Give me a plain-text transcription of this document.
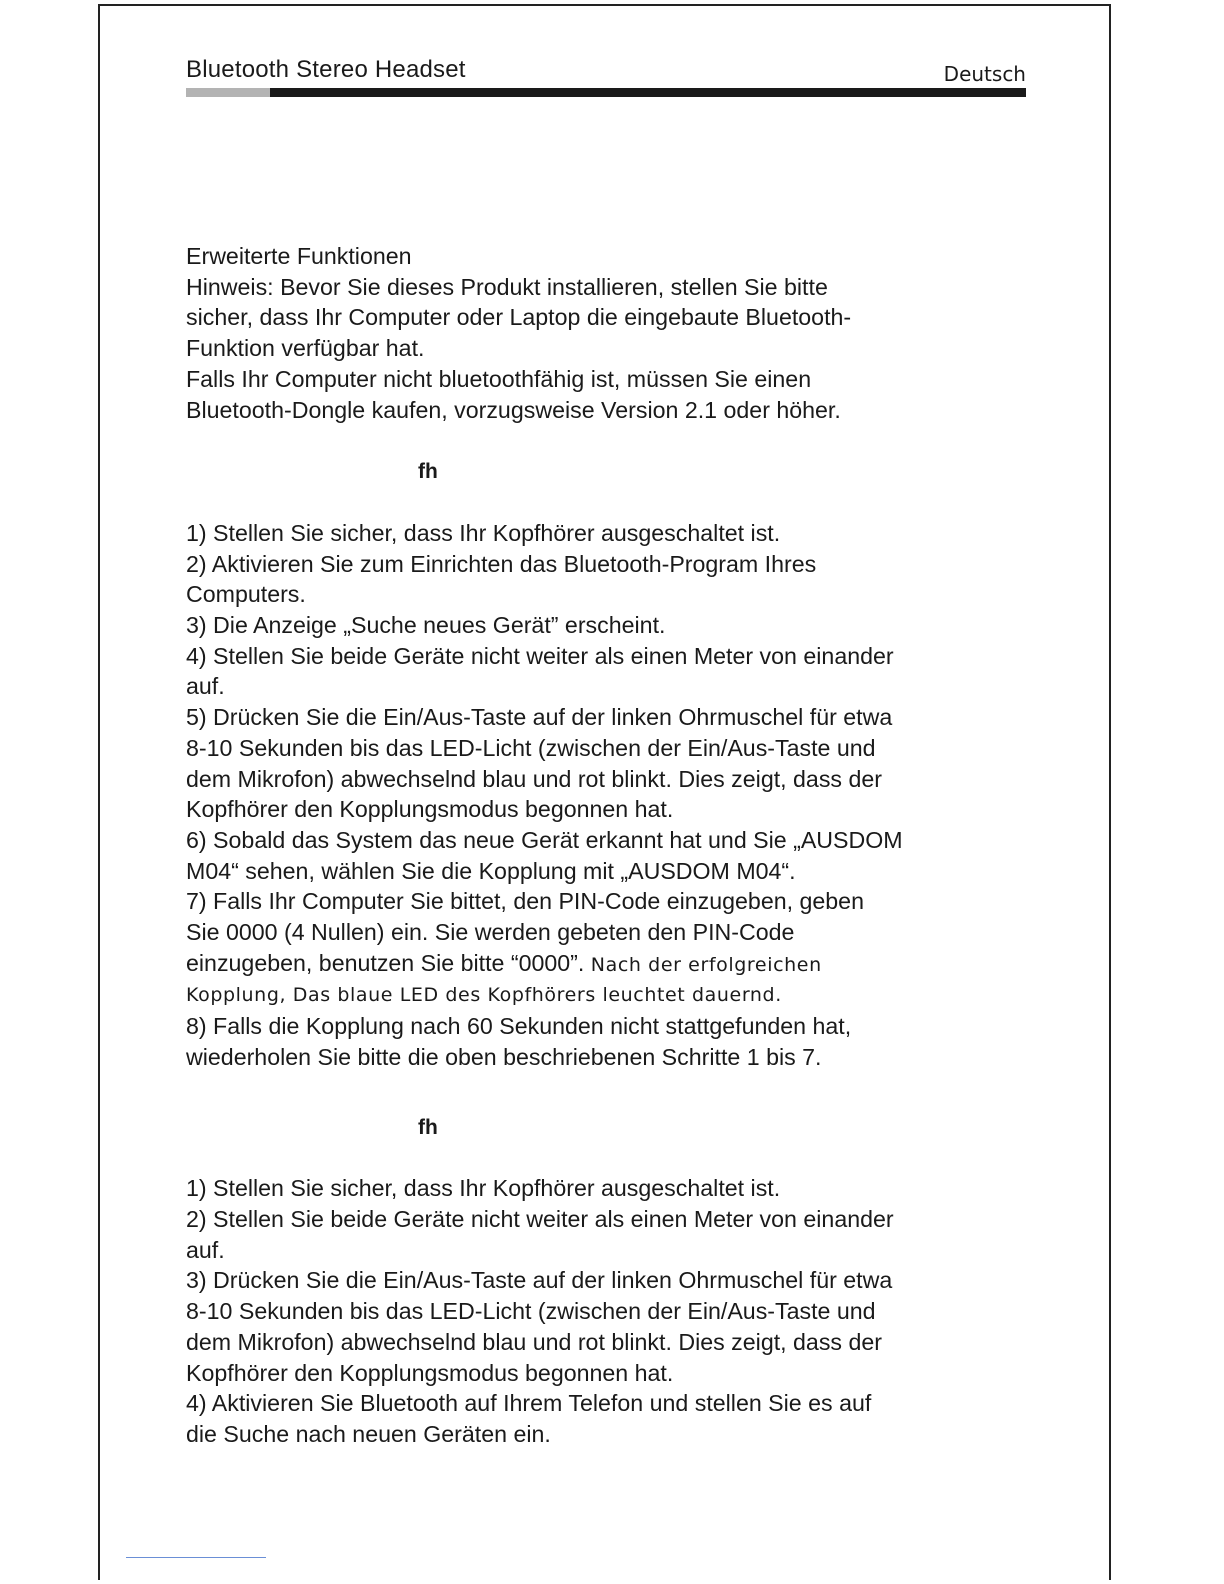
Bluetooth Stereo Headset	Deutsch

Erweiterte Funktionen

Hinweis: Bevor Sie dieses Produkt installieren, stellen Sie bitte

sicher, dass Ihr Computer oder Laptop die eingebaute Bluetooth-

Funktion verfügbar hat.

Falls Ihr Computer nicht bluetoothfähig ist, müssen Sie einen

Bluetooth-Dongle kaufen, vorzugsweise Version 2.1 oder höher.

fh

1) Stellen Sie sicher, dass Ihr Kopfhörer ausgeschaltet ist.

2) Aktivieren Sie zum Einrichten das Bluetooth-Program Ihres

Computers.

3) Die Anzeige „Suche neues Gerät” erscheint.

4) Stellen Sie beide Geräte nicht weiter als einen Meter von einander

auf.

5) Drücken Sie die Ein/Aus-Taste auf der linken Ohrmuschel für etwa

8-10 Sekunden bis das LED-Licht (zwischen der Ein/Aus-Taste und

dem Mikrofon) abwechselnd blau und rot blinkt. Dies zeigt, dass der

Kopfhörer den Kopplungsmodus begonnen hat.

6) Sobald das System das neue Gerät erkannt hat und Sie „AUSDOM

M04“ sehen, wählen Sie die Kopplung mit „AUSDOM M04“.

7) Falls Ihr Computer Sie bittet, den PIN-Code einzugeben, geben

Sie 0000 (4 Nullen) ein. Sie werden gebeten den PIN-Code

einzugeben, benutzen Sie bitte “0000”. Nach der erfolgreichen

Kopplung, Das blaue LED des Kopfhörers leuchtet dauernd.

8) Falls die Kopplung nach 60 Sekunden nicht stattgefunden hat,

wiederholen Sie bitte die oben beschriebenen Schritte 1 bis 7.

fh

1) Stellen Sie sicher, dass Ihr Kopfhörer ausgeschaltet ist.

2) Stellen Sie beide Geräte nicht weiter als einen Meter von einander

auf.

3) Drücken Sie die Ein/Aus-Taste auf der linken Ohrmuschel für etwa

8-10 Sekunden bis das LED-Licht (zwischen der Ein/Aus-Taste und

dem Mikrofon) abwechselnd blau und rot blinkt. Dies zeigt, dass der

Kopfhörer den Kopplungsmodus begonnen hat.

4) Aktivieren Sie Bluetooth auf Ihrem Telefon und stellen Sie es auf

die Suche nach neuen Geräten ein.
